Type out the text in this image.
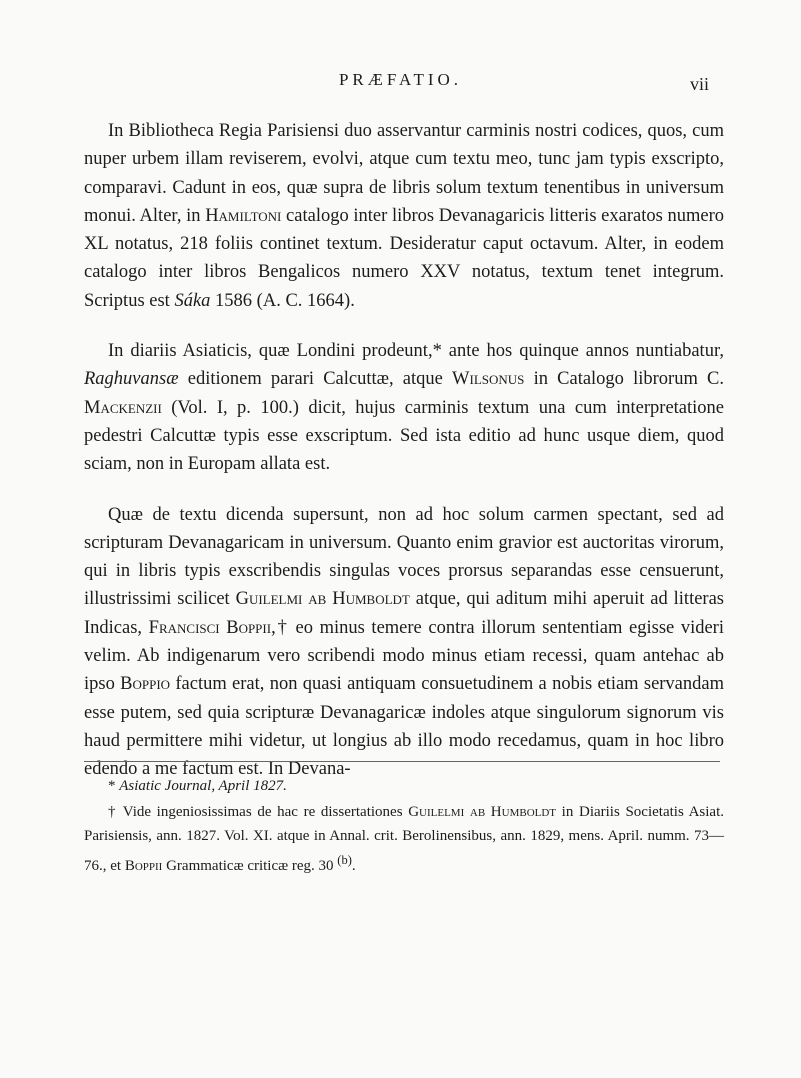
PRÆFATIO.	vii

In Bibliotheca Regia Parisiensi duo asservantur carminis nostri codices, quos, cum nuper urbem illam reviserem, evolvi, atque cum textu meo, tunc jam typis exscripto, comparavi. Cadunt in eos, quæ supra de libris solum textum tenentibus in universum monui. Alter, in Hamiltoni catalogo inter libros Devanagaricis litteris exaratos numero XL notatus, 218 foliis continet textum. Desideratur caput octavum. Alter, in eodem catalogo inter libros Bengalicos numero XXV notatus, textum tenet integrum. Scriptus est Sáka 1586 (A. C. 1664).

In diariis Asiaticis, quæ Londini prodeunt,* ante hos quinque annos nuntiabatur, Raghuvansæ editionem parari Calcuttæ, atque Wilsonus in Catalogo librorum C. Mackenzii (Vol. I, p. 100.) dicit, hujus carminis textum una cum interpretatione pedestri Calcuttæ typis esse exscriptum. Sed ista editio ad hunc usque diem, quod sciam, non in Europam allata est.

Quæ de textu dicenda supersunt, non ad hoc solum carmen spectant, sed ad scripturam Devanagaricam in universum. Quanto enim gravior est auctoritas virorum, qui in libris typis exscribendis singulas voces prorsus separandas esse censuerunt, illustrissimi scilicet Guilelmi ab Humboldt atque, qui aditum mihi aperuit ad litteras Indicas, Francisci Boppii,† eo minus temere contra illorum sententiam egisse videri velim. Ab indigenarum vero scribendi modo minus etiam recessi, quam antehac ab ipso Boppio factum erat, non quasi antiquam consuetudinem a nobis etiam servandam esse putem, sed quia scripturæ Devanagaricæ indoles atque singulorum signorum vis haud permittere mihi videtur, ut longius ab illo modo recedamus, quam in hoc libro edendo a me factum est. In Devana-

* Asiatic Journal, April 1827.

† Vide ingeniosissimas de hac re dissertationes Guilelmi ab Humboldt in Diariis Societatis Asiat. Parisiensis, ann. 1827. Vol. XI. atque in Annal. crit. Berolinensibus, ann. 1829, mens. April. numm. 73—76., et Boppii Grammaticæ criticæ reg. 30 $^{(b)}$.
